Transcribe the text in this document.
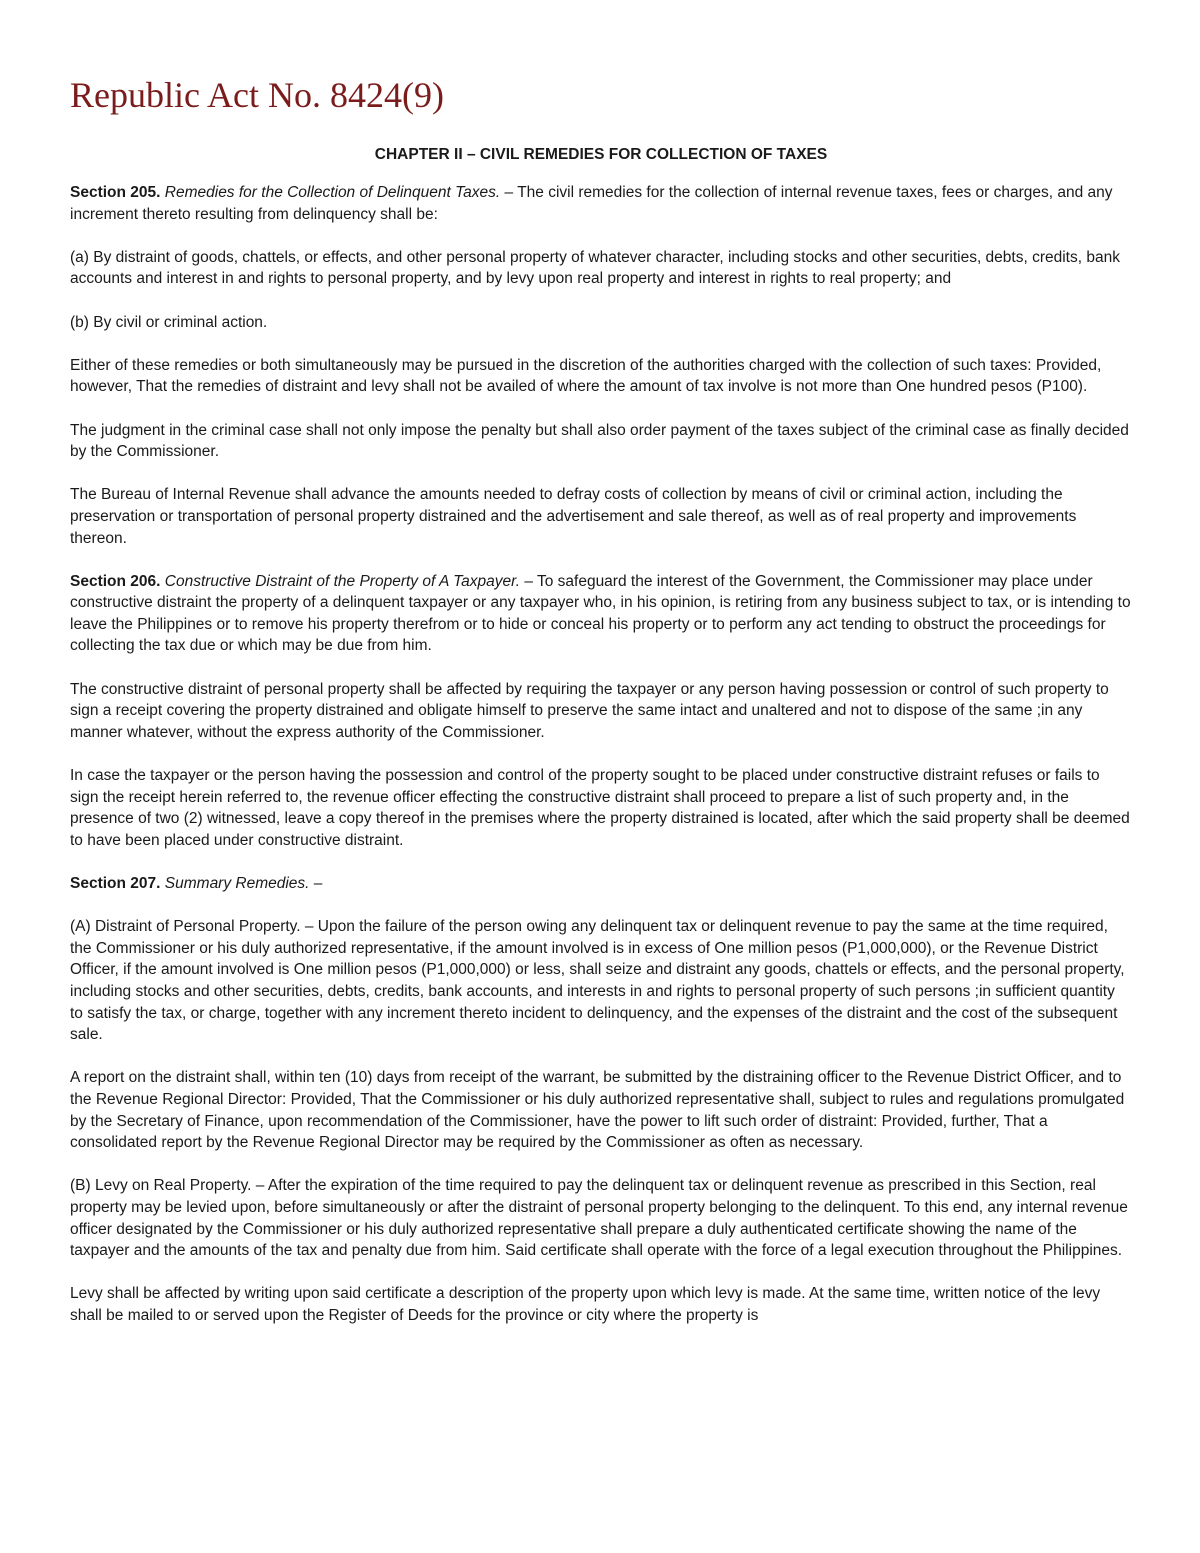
Republic Act No. 8424(9)
CHAPTER II – CIVIL REMEDIES FOR COLLECTION OF TAXES

Section 205. Remedies for the Collection of Delinquent Taxes. – The civil remedies for the collection of internal revenue taxes, fees or charges, and any increment thereto resulting from delinquency shall be:

(a) By distraint of goods, chattels, or effects, and other personal property of whatever character, including stocks and other securities, debts, credits, bank accounts and interest in and rights to personal property, and by levy upon real property and interest in rights to real property; and

(b) By civil or criminal action.

Either of these remedies or both simultaneously may be pursued in the discretion of the authorities charged with the collection of such taxes: Provided, however, That the remedies of distraint and levy shall not be availed of where the amount of tax involve is not more than One hundred pesos (P100).

The judgment in the criminal case shall not only impose the penalty but shall also order payment of the taxes subject of the criminal case as finally decided by the Commissioner.

The Bureau of Internal Revenue shall advance the amounts needed to defray costs of collection by means of civil or criminal action, including the preservation or transportation of personal property distrained and the advertisement and sale thereof, as well as of real property and improvements thereon.

Section 206. Constructive Distraint of the Property of A Taxpayer. – To safeguard the interest of the Government, the Commissioner may place under constructive distraint the property of a delinquent taxpayer or any taxpayer who, in his opinion, is retiring from any business subject to tax, or is intending to leave the Philippines or to remove his property therefrom or to hide or conceal his property or to perform any act tending to obstruct the proceedings for collecting the tax due or which may be due from him.

The constructive distraint of personal property shall be affected by requiring the taxpayer or any person having possession or control of such property to sign a receipt covering the property distrained and obligate himself to preserve the same intact and unaltered and not to dispose of the same ;in any manner whatever, without the express authority of the Commissioner.

In case the taxpayer or the person having the possession and control of the property sought to be placed under constructive distraint refuses or fails to sign the receipt herein referred to, the revenue officer effecting the constructive distraint shall proceed to prepare a list of such property and, in the presence of two (2) witnessed, leave a copy thereof in the premises where the property distrained is located, after which the said property shall be deemed to have been placed under constructive distraint.

Section 207. Summary Remedies. –

(A) Distraint of Personal Property. – Upon the failure of the person owing any delinquent tax or delinquent revenue to pay the same at the time required, the Commissioner or his duly authorized representative, if the amount involved is in excess of One million pesos (P1,000,000), or the Revenue District Officer, if the amount involved is One million pesos (P1,000,000) or less, shall seize and distraint any goods, chattels or effects, and the personal property, including stocks and other securities, debts, credits, bank accounts, and interests in and rights to personal property of such persons ;in sufficient quantity to satisfy the tax, or charge, together with any increment thereto incident to delinquency, and the expenses of the distraint and the cost of the subsequent sale.

A report on the distraint shall, within ten (10) days from receipt of the warrant, be submitted by the distraining officer to the Revenue District Officer, and to the Revenue Regional Director: Provided, That the Commissioner or his duly authorized representative shall, subject to rules and regulations promulgated by the Secretary of Finance, upon recommendation of the Commissioner, have the power to lift such order of distraint: Provided, further, That a consolidated report by the Revenue Regional Director may be required by the Commissioner as often as necessary.

(B) Levy on Real Property. – After the expiration of the time required to pay the delinquent tax or delinquent revenue as prescribed in this Section, real property may be levied upon, before simultaneously or after the distraint of personal property belonging to the delinquent. To this end, any internal revenue officer designated by the Commissioner or his duly authorized representative shall prepare a duly authenticated certificate showing the name of the taxpayer and the amounts of the tax and penalty due from him. Said certificate shall operate with the force of a legal execution throughout the Philippines.

Levy shall be affected by writing upon said certificate a description of the property upon which levy is made. At the same time, written notice of the levy shall be mailed to or served upon the Register of Deeds for the province or city where the property is
